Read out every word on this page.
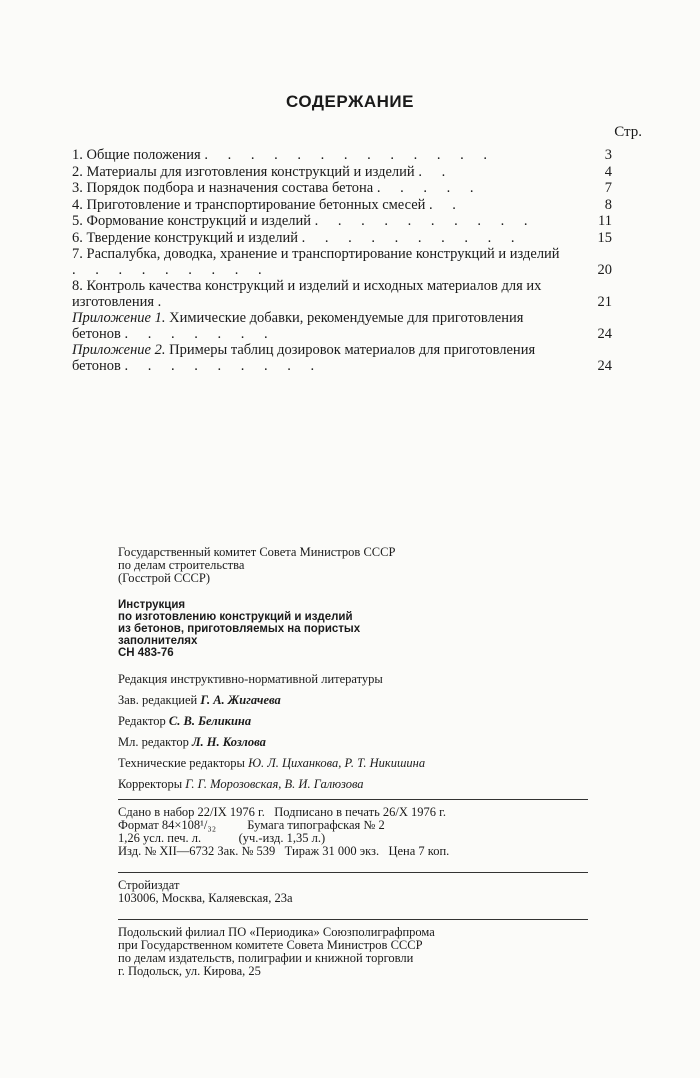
СОДЕРЖАНИЕ
Стр.
1. Общие положения . . . . . . . . . . . . .	3
2. Материалы для изготовления конструкций и изделий . .	4
3. Порядок подбора и назначения состава бетона . . . . .	7
4. Приготовление и транспортирование бетонных смесей . .	8
5. Формование конструкций и изделий . . . . . . . . . .	11
6. Твердение конструкций и изделий . . . . . . . . . .	15
7. Распалубка, доводка, хранение и транспортирование конструкций и изделий . . . . . . . . .	20
8. Контроль качества конструкций и изделий и исходных материалов для их изготовления .	21
Приложение 1. Химические добавки, рекомендуемые для приготовления бетонов . . . . . . .	24
Приложение 2. Примеры таблиц дозировок материалов для приготовления бетонов . . . . . . . . .	24
Государственный комитет Совета Министров СССР
по делам строительства
(Госстрой СССР)
Инструкция
по изготовлению конструкций и изделий
из бетонов, приготовляемых на пористых
заполнителях
СН 483-76
Редакция инструктивно-нормативной литературы
Зав. редакцией Г. А. Жигачева
Редактор С. В. Беликина
Мл. редактор Л. Н. Козлова
Технические редакторы Ю. Л. Циханкова, Р. Т. Никишина
Корректоры Г. Г. Морозовская, В. И. Галюзова
Сдано в набор 22/IX 1976 г.   Подписано в печать 26/X 1976 г.
Формат 84×108¹/₃₂          Бумага типографская № 2
1,26 усл. печ. л.            (уч.-изд. 1,35 л.)
Изд. № XII—6732 Зак. № 539   Тираж 31 000 экз.   Цена 7 коп.
Стройиздат
103006, Москва, Каляевская, 23а
Подольский филиал ПО «Периодика» Союзполиграфпрома
при Государственном комитете Совета Министров СССР
по делам издательств, полиграфии и книжной торговли
г. Подольск, ул. Кирова, 25
